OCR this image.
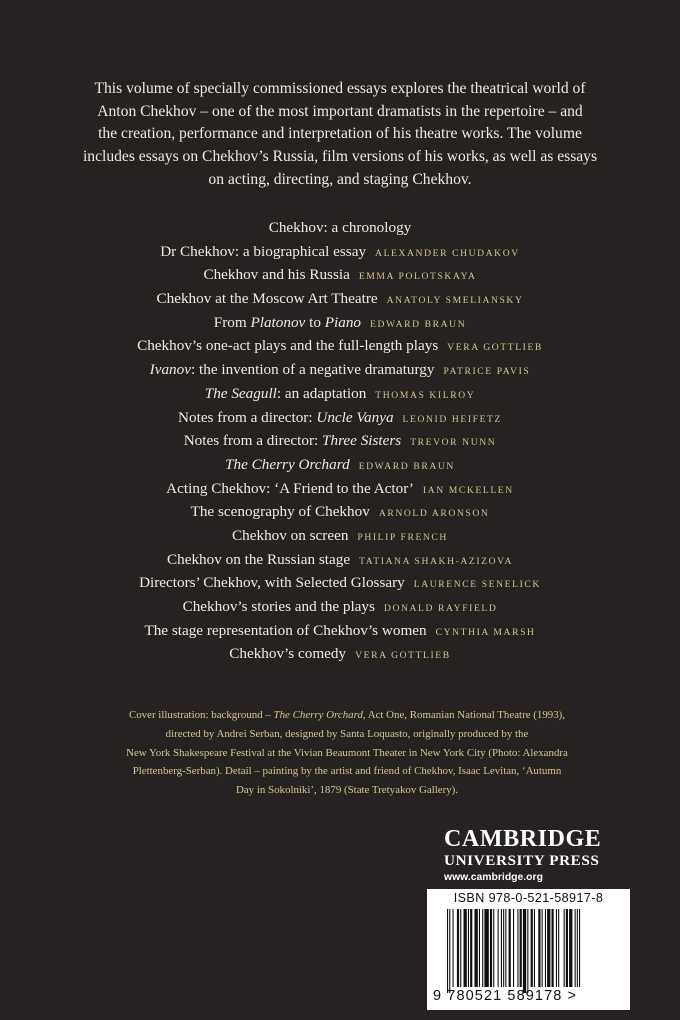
This volume of specially commissioned essays explores the theatrical world of
Anton Chekhov – one of the most important dramatists in the repertoire – and
the creation, performance and interpretation of his theatre works. The volume
includes essays on Chekhov’s Russia, film versions of his works, as well as essays
on acting, directing, and staging Chekhov.
Chekhov: a chronology
Dr Chekhov: a biographical essay ALEXANDER CHUDAKOV
Chekhov and his Russia EMMA POLOTSKAYA
Chekhov at the Moscow Art Theatre ANATOLY SMELIANSKY
From Platonov to Piano EDWARD BRAUN
Chekhov’s one-act plays and the full-length plays VERA GOTTLIEB
Ivanov: the invention of a negative dramaturgy PATRICE PAVIS
The Seagull: an adaptation THOMAS KILROY
Notes from a director: Uncle Vanya LEONID HEIFETZ
Notes from a director: Three Sisters TREVOR NUNN
The Cherry Orchard EDWARD BRAUN
Acting Chekhov: ‘A Friend to the Actor’ IAN MCKELLEN
The scenography of Chekhov ARNOLD ARONSON
Chekhov on screen PHILIP FRENCH
Chekhov on the Russian stage TATIANA SHAKH-AZIZOVA
Directors’ Chekhov, with Selected Glossary LAURENCE SENELICK
Chekhov’s stories and the plays DONALD RAYFIELD
The stage representation of Chekhov’s women CYNTHIA MARSH
Chekhov’s comedy VERA GOTTLIEB
Cover illustration: background – The Cherry Orchard, Act One, Romanian National Theatre (1993),
directed by Andrei Serban, designed by Santa Loquasto, originally produced by the
New York Shakespeare Festival at the Vivian Beaumont Theater in New York City (Photo: Alexandra
Plettenberg-Serban). Detail – painting by the artist and friend of Chekhov, Isaac Levitan, ‘Autumn
Day in Sokolniki’, 1879 (State Tretyakov Gallery).
CAMBRIDGE
UNIVERSITY PRESS
www.cambridge.org
ISBN 978-0-521-58917-8
9 780521 589178 >
